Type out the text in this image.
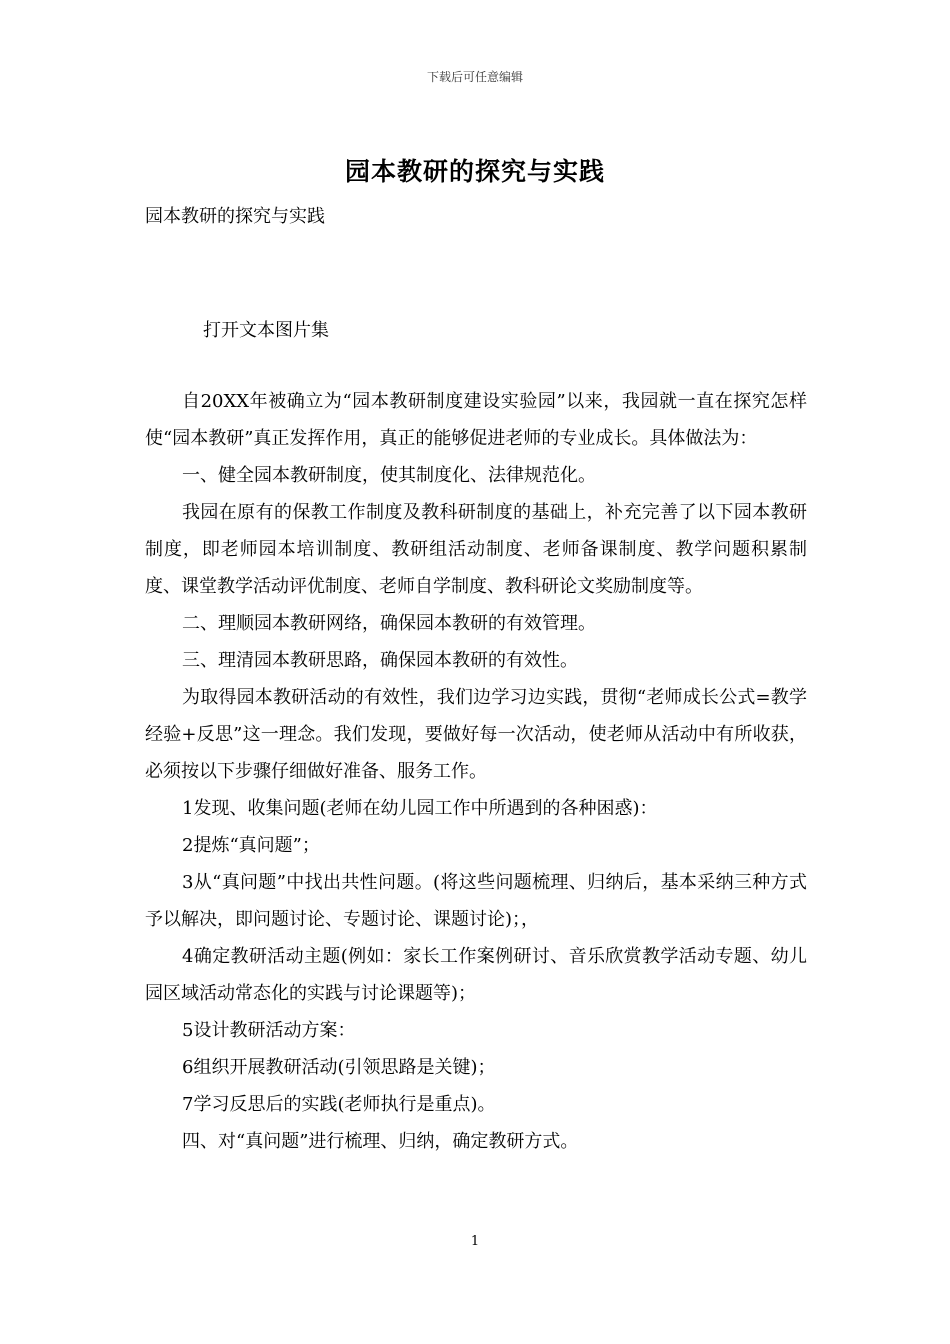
下载后可任意编辑
园本教研的探究与实践
园本教研的探究与实践
打开文本图片集

自20XX年被确立为“园本教研制度建设实验园”以来，我园就一直在探究怎样使“园本教研”真正发挥作用，真正的能够促进老师的专业成长。具体做法为：

一、健全园本教研制度，使其制度化、法律规范化。

我园在原有的保教工作制度及教科研制度的基础上，补充完善了以下园本教研制度，即老师园本培训制度、教研组活动制度、老师备课制度、教学问题积累制度、课堂教学活动评优制度、老师自学制度、教科研论文奖励制度等。

二、理顺园本教研网络，确保园本教研的有效管理。

三、理清园本教研思路，确保园本教研的有效性。

为取得园本教研活动的有效性，我们边学习边实践，贯彻“老师成长公式=教学经验+反思”这一理念。我们发现，要做好每一次活动，使老师从活动中有所收获，必须按以下步骤仔细做好准备、服务工作。

1发现、收集问题(老师在幼儿园工作中所遇到的各种困惑)：

2提炼“真问题”；

3从“真问题”中找出共性问题。(将这些问题梳理、归纳后，基本采纳三种方式予以解决，即问题讨论、专题讨论、课题讨论)；，

4确定教研活动主题(例如：家长工作案例研讨、音乐欣赏教学活动专题、幼儿园区域活动常态化的实践与讨论课题等)；

5设计教研活动方案：

6组织开展教研活动(引领思路是关键)；

7学习反思后的实践(老师执行是重点)。

四、对“真问题”进行梳理、归纳，确定教研方式。

1
